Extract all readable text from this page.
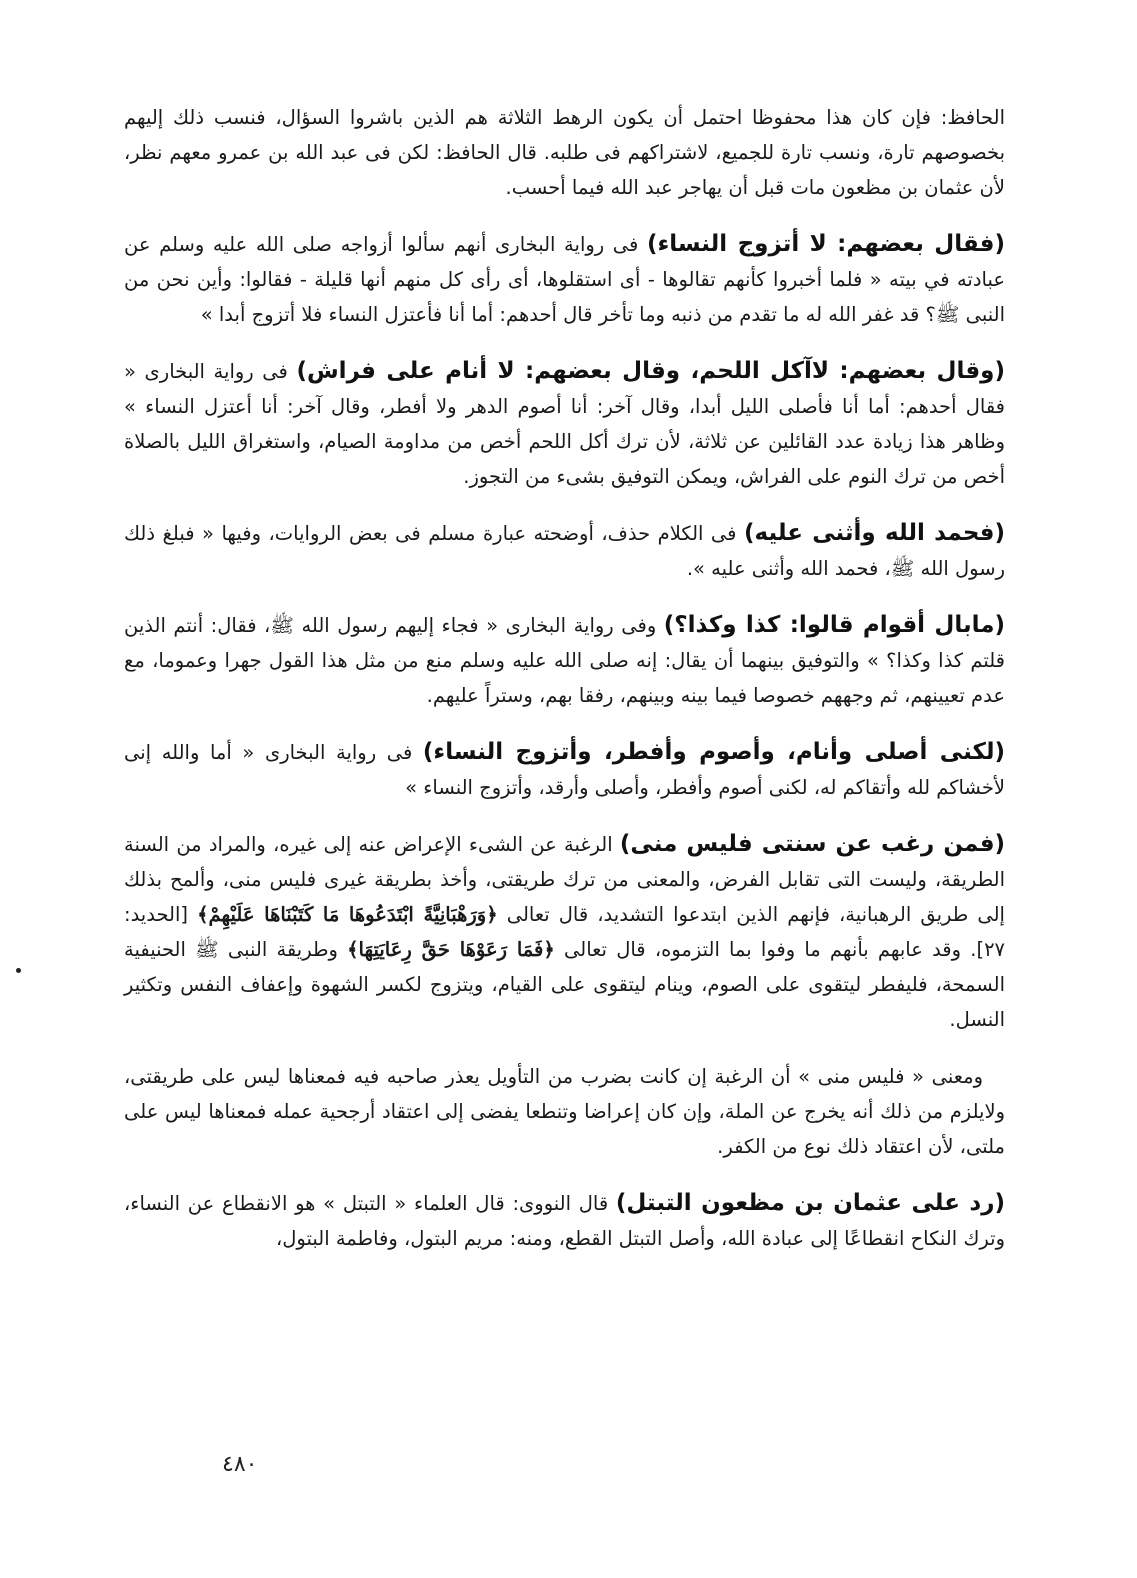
الحافظ: فإن كان هذا محفوظا احتمل أن يكون الرهط الثلاثة هم الذين باشروا السؤال، فنسب ذلك إليهم بخصوصهم تارة، ونسب تارة للجميع، لاشتراكهم فى طلبه. قال الحافظ: لكن فى عبد الله بن عمرو معهم نظر، لأن عثمان بن مظعون مات قبل أن يهاجر عبد الله فيما أحسب.

(فقال بعضهم: لا أتزوج النساء) فى رواية البخارى أنهم سألوا أزواجه صلى الله عليه وسلم عن عبادته في بيته « فلما أخبروا كأنهم تقالوها - أى استقلوها، أى رأى كل منهم أنها قليلة - فقالوا: وأين نحن من النبى ﷺ؟ قد غفر الله له ما تقدم من ذنبه وما تأخر قال أحدهم: أما أنا فأعتزل النساء فلا أتزوج أبدا »

(وقال بعضهم: لاآكل اللحم، وقال بعضهم: لا أنام على فراش) فى رواية البخارى « فقال أحدهم: أما أنا فأصلى الليل أبدا، وقال آخر: أنا أصوم الدهر ولا أفطر، وقال آخر: أنا أعتزل النساء » وظاهر هذا زيادة عدد القائلين عن ثلاثة، لأن ترك أكل اللحم أخص من مداومة الصيام، واستغراق الليل بالصلاة أخص من ترك النوم على الفراش، ويمكن التوفيق بشىء من التجوز.

(فحمد الله وأثنى عليه) فى الكلام حذف، أوضحته عبارة مسلم فى بعض الروايات، وفيها « فبلغ ذلك رسول الله ﷺ، فحمد الله وأثنى عليه ».

(مابال أقوام قالوا: كذا وكذا؟) وفى رواية البخارى « فجاء إليهم رسول الله ﷺ، فقال: أنتم الذين قلتم كذا وكذا؟ » والتوفيق بينهما أن يقال: إنه صلى الله عليه وسلم منع من مثل هذا القول جهرا وعموما، مع عدم تعيينهم، ثم وجههم خصوصا فيما بينه وبينهم، رفقا بهم، وستراً عليهم.

(لكنى أصلى وأنام، وأصوم وأفطر، وأتزوج النساء) فى رواية البخارى « أما والله إنى لأخشاكم لله وأتقاكم له، لكنى أصوم وأفطر، وأصلى وأرقد، وأتزوج النساء »

(فمن رغب عن سنتى فليس منى) الرغبة عن الشىء الإعراض عنه إلى غيره، والمراد من السنة الطريقة، وليست التى تقابل الفرض، والمعنى من ترك طريقتى، وأخذ بطريقة غيرى فليس منى، وألمح بذلك إلى طريق الرهبانية، فإنهم الذين ابتدعوا التشديد، قال تعالى ﴿وَرَهْبَانِيَّةً ابْتَدَعُوهَا مَا كَتَبْنَاهَا عَلَيْهِمْ﴾ [الحديد: ٢٧]. وقد عابهم بأنهم ما وفوا بما التزموه، قال تعالى ﴿فَمَا رَعَوْهَا حَقَّ رِعَايَتِهَا﴾ وطريقة النبى ﷺ الحنيفية السمحة، فليفطر ليتقوى على الصوم، وينام ليتقوى على القيام، ويتزوج لكسر الشهوة وإعفاف النفس وتكثير النسل.

ومعنى « فليس منى » أن الرغبة إن كانت بضرب من التأويل يعذر صاحبه فيه فمعناها ليس على طريقتى، ولايلزم من ذلك أنه يخرج عن الملة، وإن كان إعراضا وتنطعا يفضى إلى اعتقاد أرجحية عمله فمعناها ليس على ملتى، لأن اعتقاد ذلك نوع من الكفر.

(رد على عثمان بن مظعون التبتل) قال النووى: قال العلماء « التبتل » هو الانقطاع عن النساء، وترك النكاح انقطاعًا إلى عبادة الله، وأصل التبتل القطع، ومنه: مريم البتول، وفاطمة البتول،

٤٨٠
